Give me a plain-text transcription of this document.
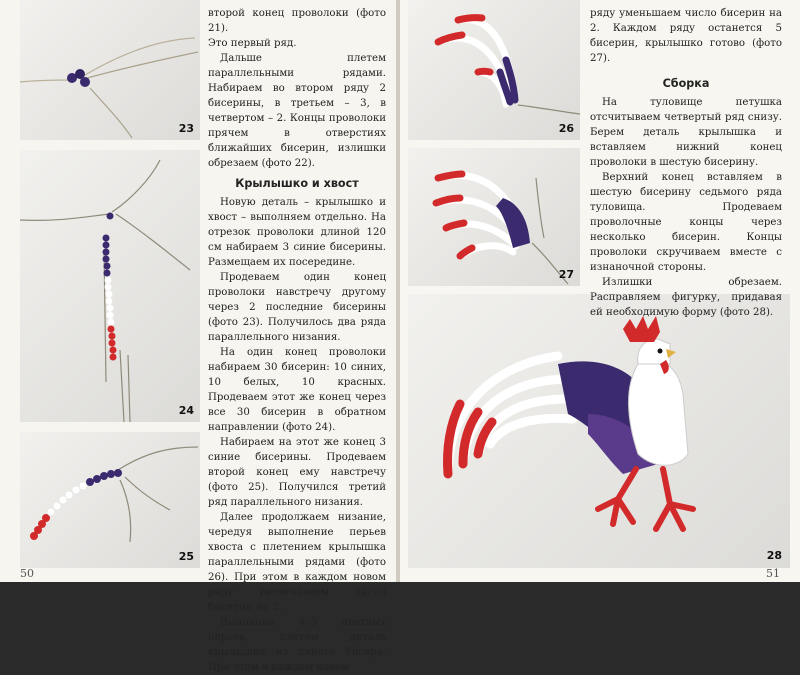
23
24
25

второй конец проволоки (фото 21).

Это первый ряд.

Дальше плетем параллельными рядами. Набираем во втором ряду 2 бисерины, в третьем – 3, в четвертом – 2. Концы проволоки прячем в отверстиях ближайших бисерин, излишки обрезаем (фото 22).

Крылышко и хвост

Новую деталь – крылышко и хвост – выполняем отдельно. На отрезок проволоки длиной 120 см набираем 3 синие бисерины. Размещаем их посередине.

Продеваем один конец проволоки навстречу другому через 2 последние бисерины (фото 23). Получилось два ряда параллельного низания.

На один конец проволоки набираем 30 бисерин: 10 синих, 10 белых, 10 красных. Продеваем этот же конец через все 30 бисерин в обратном направлении (фото 24).

Набираем на этот же конец 3 синие бисерины. Продеваем второй конец ему навстречу (фото 25). Получился третий ряд параллельного низания.

Далее продолжаем низание, чередуя выполнение перьев хвоста с плетением крылышка параллельными рядами (фото 26). При этом в каждом новом ряду увеличиваем число бисерин на 2.

Выполнив 4–5 цветных перьев, плетем деталь крылышка из синего бисера. При этом в каждом новом

50
26
27
28

ряду уменьшаем число бисерин на 2. Каждом ряду останется 5 бисерин, крылышко готово (фото 27).

Сборка

На туловище петушка отсчитываем четвертый ряд снизу. Берем деталь крылышка и вставляем нижний конец проволоки в шестую бисерину.

Верхний конец вставляем в шестую бисерину седьмого ряда туловища. Продеваем проволочные концы через несколько бисерин. Концы проволоки скручиваем вместе с изнаночной стороны.

Излишки обрезаем. Расправляем фигурку, придавая ей необходимую форму (фото 28).

51
